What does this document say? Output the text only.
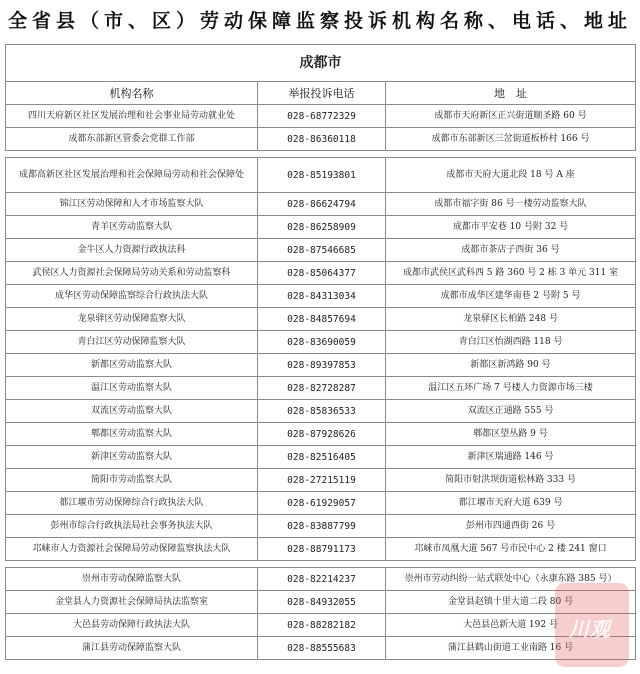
全省县（市、区）劳动保障监察投诉机构名称、电话、地址
成都市		
机构名称	举报投诉电话	地　址
四川天府新区社区发展治理和社会事业局劳动就业处	028-68772329	成都市天府新区正兴街道顺圣路 60 号
成都东部新区管委会党群工作部	028-86360118	成都市东部新区三岔街道板桥村 166 号

成都高新区社区发展治理和社会保障局劳动和社会保障处	028-85193801	成都市天府大道北段 18 号 A 座
锦江区劳动保障和人才市场监察大队	028-86624794	成都市福字街 86 号一楼劳动监察大队
青羊区劳动监察大队	028-86258909	成都市平安巷 10 号附 32 号
金牛区人力资源行政执法科	028-87546685	成都市茶店子西街 36 号
武侯区人力资源社会保障局劳动关系和劳动监察科	028-85064377	成都市武侯区武科西 5 路 360 号 2 栋 3 单元 311 室
成华区劳动保障监察综合行政执法大队	028-84313034	成都市成华区建华南巷 2 号附 5 号
龙泉驿区劳动保障监察大队	028-84857694	龙泉驿区长柏路 248 号
青白江区劳动保障监察大队	028-83690059	青白江区怡湖西路 118 号
新都区劳动监察大队	028-89397853	新都区新鸿路 90 号
温江区劳动监察大队	028-82728287	温江区五环广场 7 号楼人力资源市场三楼
双流区劳动监察大队	028-85836533	双流区正通路 555 号
郫都区劳动监察大队	028-87928626	郫都区望丛路 9 号
新津区劳动监察大队	028-82516405	新津区瑞通路 146 号
简阳市劳动监察大队	028-27215119	简阳市射洪坝街道松林路 333 号
都江堰市劳动保障综合行政执法大队	028-61929057	都江堰市天府大道 639 号
彭州市综合行政执法局社会事务执法大队	028-83887799	彭州市四通西街 26 号
邛崃市人力资源社会保障局劳动保障监察执法大队	028-88791173	邛崃市凤凰大道 567 号市民中心 2 楼 241 窗口

崇州市劳动保障监察大队	028-82214237	崇州市劳动纠纷一站式联处中心（永康东路 385 号）
金堂县人力资源社会保障局执法监察室	028-84932055	金堂县赵镇十里大道二段 80 号
大邑县劳动保障行政执法大队	028-88282182	大邑县邑新大道 192 号
蒲江县劳动保障监察大队	028-88555683	蒲江县鹤山街道工业南路 16 号
川观
